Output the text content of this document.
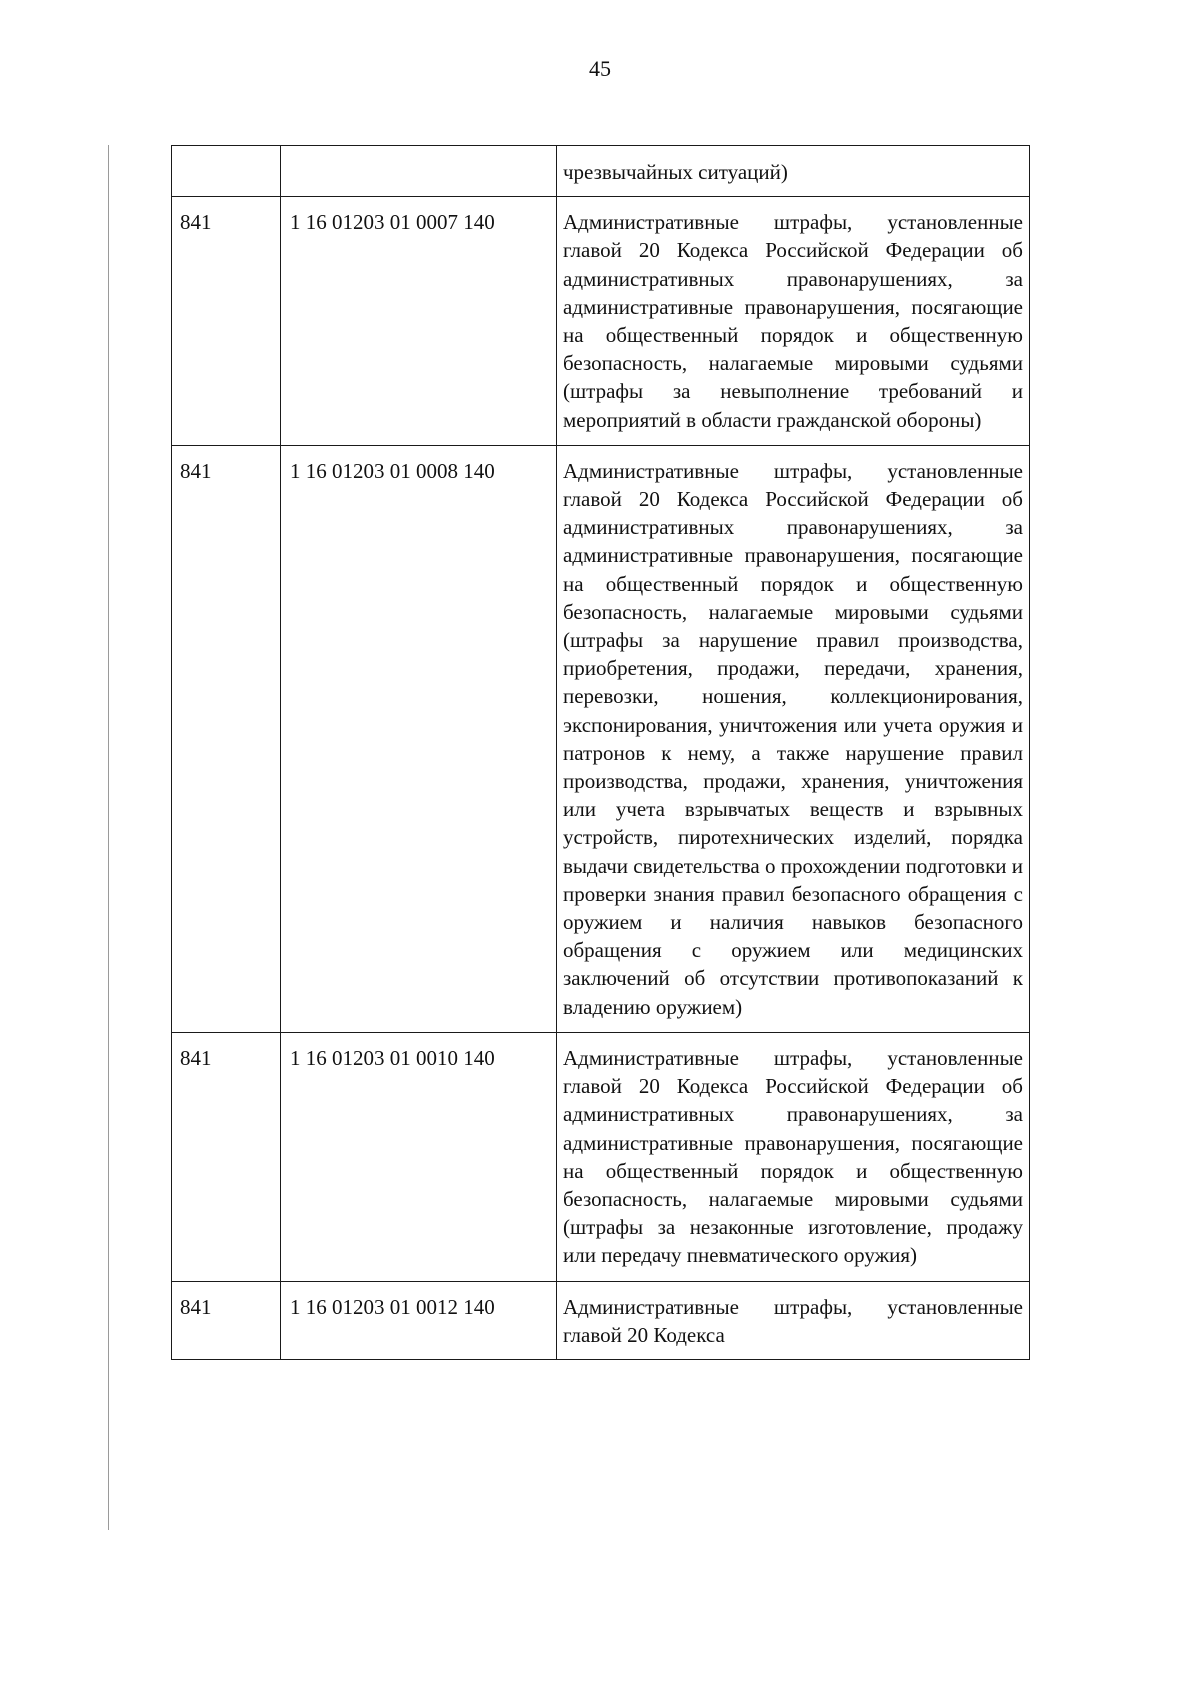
45
		чрезвычайных ситуаций)
841	1 16 01203 01 0007 140	Административные штрафы, установленные главой 20 Кодекса Российской Федерации об административных правонарушениях, за административные правонарушения, посягающие на общественный порядок и общественную безопасность, налагаемые мировыми судьями (штрафы за невыполнение требований и мероприятий в области гражданской обороны)
841	1 16 01203 01 0008 140	Административные штрафы, установленные главой 20 Кодекса Российской Федерации об административных правонарушениях, за административные правонарушения, посягающие на общественный порядок и общественную безопасность, налагаемые мировыми судьями (штрафы за нарушение правил производства, приобретения, продажи, передачи, хранения, перевозки, ношения, коллекционирования, экспонирования, уничтожения или учета оружия и патронов к нему, а также нарушение правил производства, продажи, хранения, уничтожения или учета взрывчатых веществ и взрывных устройств, пиротехнических изделий, порядка выдачи свидетельства о прохождении подготовки и проверки знания правил безопасного обращения с оружием и наличия навыков безопасного обращения с оружием или медицинских заключений об отсутствии противопоказаний к владению оружием)
841	1 16 01203 01 0010 140	Административные штрафы, установленные главой 20 Кодекса Российской Федерации об административных правонарушениях, за административные правонарушения, посягающие на общественный порядок и общественную безопасность, налагаемые мировыми судьями (штрафы за незаконные изготовление, продажу или передачу пневматического оружия)
841	1 16 01203 01 0012 140	Административные штрафы, установленные главой 20 Кодекса
